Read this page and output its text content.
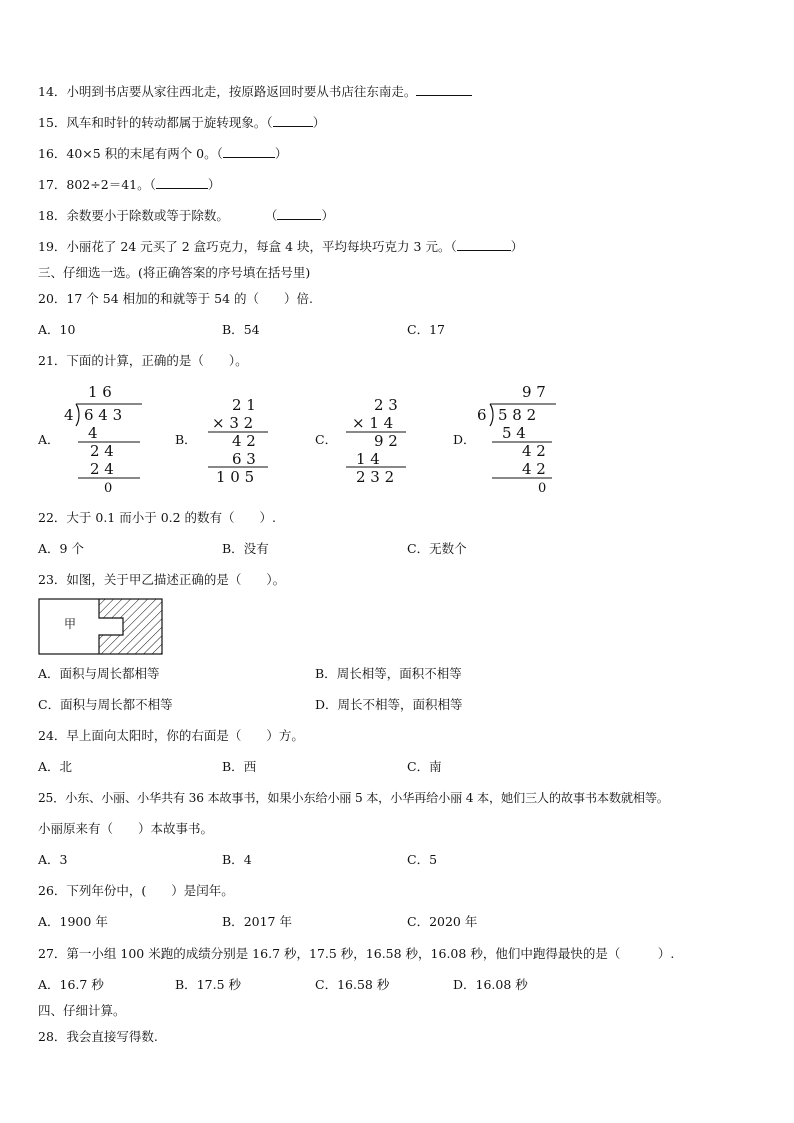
14．小明到书店要从家往西北走，按原路返回时要从书店往东南走。
15．风车和时针的转动都属于旋转现象。（	）
16．40×5 积的末尾有两个 0。（	）
17．802÷2＝41。（	）
18．余数要小于除数或等于除数。	（	）
19．小丽花了 24 元买了 2 盒巧克力，每盒 4 块，平均每块巧克力 3 元。（	）
三、仔细选一选。(将正确答案的序号填在括号里)
20．17 个 54 相加的和就等于 54 的（　　）倍.
A．10	B．54	C．17
21．下面的计算，正确的是（　　）。
A．
1 6
4 6 4 3
4
2 4
2 4
0
B．
2 1
× 3 2
4 2
6 3
1 0 5
C．
2 3
× 1 4
9 2
1 4
2 3 2
D．
9 7
6 5 8 2
5 4
4 2
4 2
0
22．大于 0.1 而小于 0.2 的数有（　　）.
A．9 个	B．没有	C．无数个
23．如图，关于甲乙描述正确的是（　　）。
甲
A．面积与周长都相等	B．周长相等，面积不相等
C．面积与周长都不相等	D．周长不相等，面积相等
24．早上面向太阳时，你的右面是（　　）方。
A．北	B．西	C．南
25．小东、小丽、小华共有 36 本故事书，如果小东给小丽 5 本，小华再给小丽 4 本，她们三人的故事书本数就相等。
小丽原来有（　　）本故事书。
A．3	B．4	C．5
26．下列年份中，(　　）是闰年。
A．1900 年	B．2017 年	C．2020 年
27．第一小组 100 米跑的成绩分别是 16.7 秒，17.5 秒，16.58 秒，16.08 秒，他们中跑得最快的是（　　　）.
A．16.7 秒	B．17.5 秒	C．16.58 秒	D．16.08 秒
四、仔细计算。
28．我会直接写得数.
